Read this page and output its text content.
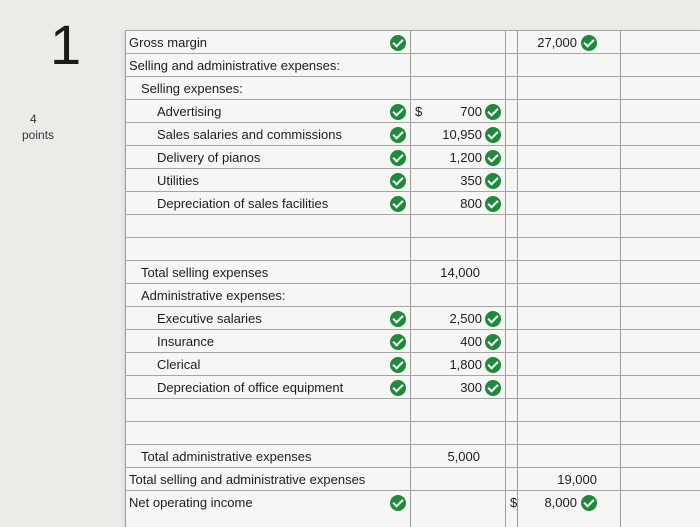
1
4
points
Gross margin	27,000
Selling and administrative expenses:
Selling expenses:
Advertising	$	700
Sales salaries and commissions	10,950
Delivery of pianos	1,200
Utilities	350
Depreciation of sales facilities	800
Total selling expenses	14,000
Administrative expenses:
Executive salaries	2,500
Insurance	400
Clerical	1,800
Depreciation of office equipment	300
Total administrative expenses	5,000
Total selling and administrative expenses	19,000
Net operating income	$ 8,000
